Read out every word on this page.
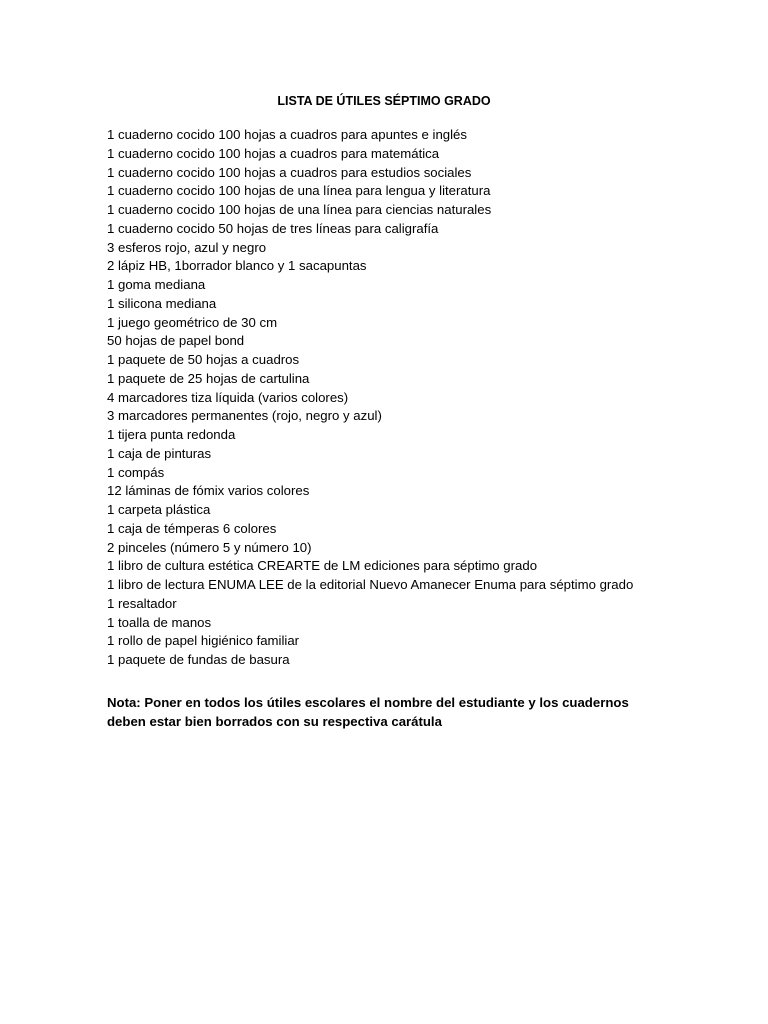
LISTA DE ÚTILES SÉPTIMO GRADO
1 cuaderno cocido 100 hojas a cuadros para apuntes e inglés
1 cuaderno cocido 100 hojas a cuadros para matemática
1 cuaderno cocido 100 hojas a cuadros para estudios sociales
1 cuaderno cocido 100 hojas de una línea para lengua y literatura
1 cuaderno cocido 100 hojas de una línea para ciencias naturales
1 cuaderno cocido 50 hojas de tres líneas para caligrafía
3 esferos rojo, azul y negro
2 lápiz HB, 1borrador blanco y 1 sacapuntas
1 goma mediana
1 silicona mediana
1 juego geométrico de 30 cm
50 hojas de papel bond
1 paquete de 50 hojas a cuadros
1 paquete de 25 hojas de cartulina
4 marcadores tiza líquida (varios colores)
3 marcadores permanentes (rojo, negro y azul)
1 tijera punta redonda
1 caja de pinturas
1 compás
12 láminas de fómix varios colores
1 carpeta plástica
1 caja de témperas 6 colores
2 pinceles (número 5 y número 10)
1 libro de cultura estética CREARTE de LM ediciones para séptimo grado
1 libro de lectura ENUMA LEE de la editorial Nuevo Amanecer Enuma para séptimo grado
1 resaltador
1 toalla de manos
1 rollo de papel higiénico familiar
1 paquete de fundas de basura
Nota: Poner en todos los útiles escolares el nombre del estudiante y los cuadernos
deben estar bien borrados con su respectiva carátula
